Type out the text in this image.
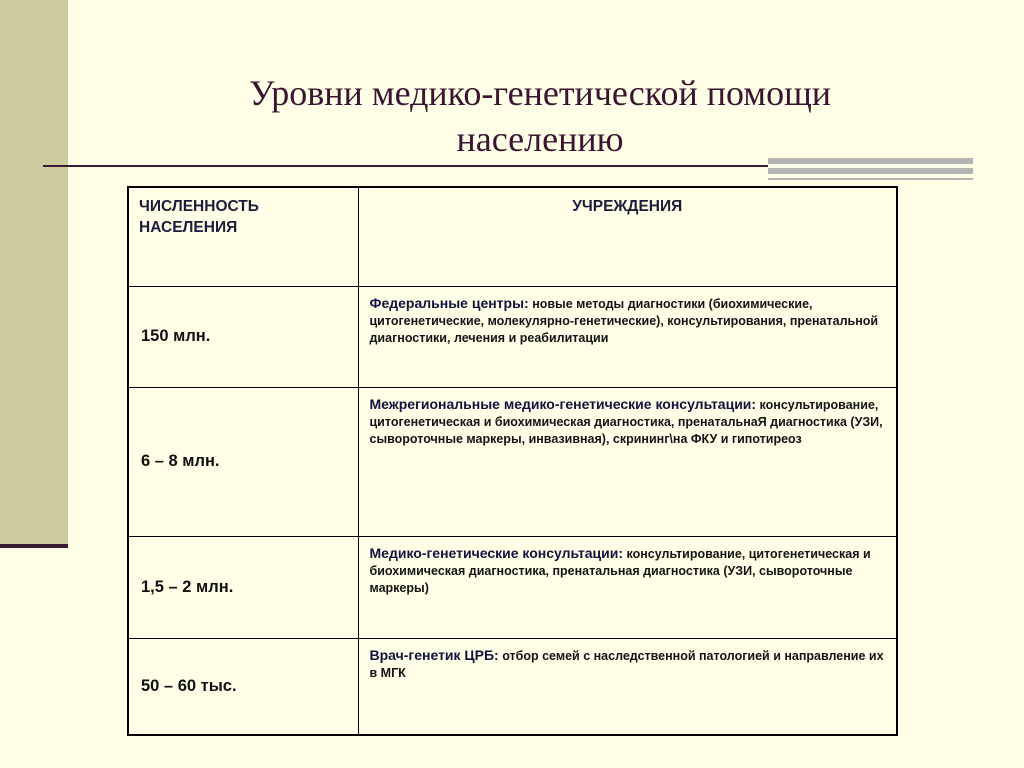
Уровни медико-генетической помощи
населению
ЧИСЛЕННОСТЬ НАСЕЛЕНИЯ	УЧРЕЖДЕНИЯ
150 млн.	Федеральные центры: новые методы диагностики (биохимические, цитогенетические, молекулярно-генетические), консультирования, пренатальной диагностики, лечения и реабилитации
6 – 8 млн.	Межрегиональные медико-генетические консультации: консультирование, цитогенетическая и биохимическая диагностика, пренатальнаЯ диагностика (УЗИ, сывороточные маркеры, инвазивная), скрининг\на ФКУ и гипотиреоз
1,5 – 2 млн.	Медико-генетические консультации: консультирование, цитогенетическая и биохимическая диагностика, пренатальная диагностика (УЗИ, сывороточные маркеры)
50 – 60 тыс.	Врач-генетик ЦРБ: отбор семей с наследственной патологией и направление их в МГК
